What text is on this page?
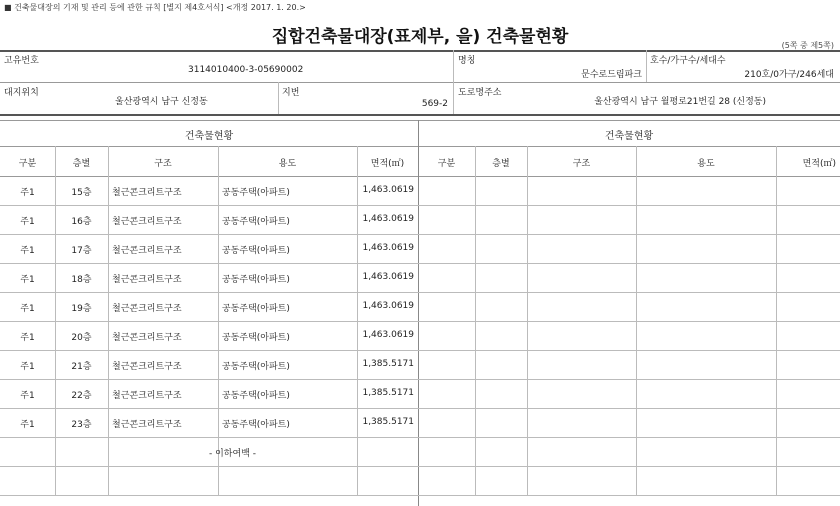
■ 건축물대장의 기재 및 관리 등에 관한 규칙 [별지 제4호서식] <개정 2017. 1. 20.>
집합건축물대장(표제부, 을) 건축물현황	(5쪽 중 제5쪽)
고유번호
3114010400-3-05690002
명칭
문수로드림파크
호수/가구수/세대수
210호/0가구/246세대
대지위치
울산광역시 남구 신정동
지번
569-2
도로명주소
울산광역시 남구 월평로21번길 28 (신정동)
건축물현황	건축물현황
구분	층별	구조	용도	면적(㎡)	구분	층별	구조	용도	면적(㎡)
주1	15층	철근콘크리트구조	공동주택(아파트)	1,463.0619
주1	16층	철근콘크리트구조	공동주택(아파트)	1,463.0619
주1	17층	철근콘크리트구조	공동주택(아파트)	1,463.0619
주1	18층	철근콘크리트구조	공동주택(아파트)	1,463.0619
주1	19층	철근콘크리트구조	공동주택(아파트)	1,463.0619
주1	20층	철근콘크리트구조	공동주택(아파트)	1,463.0619
주1	21층	철근콘크리트구조	공동주택(아파트)	1,385.5171
주1	22층	철근콘크리트구조	공동주택(아파트)	1,385.5171
주1	23층	철근콘크리트구조	공동주택(아파트)	1,385.5171
- 이하여백 -
